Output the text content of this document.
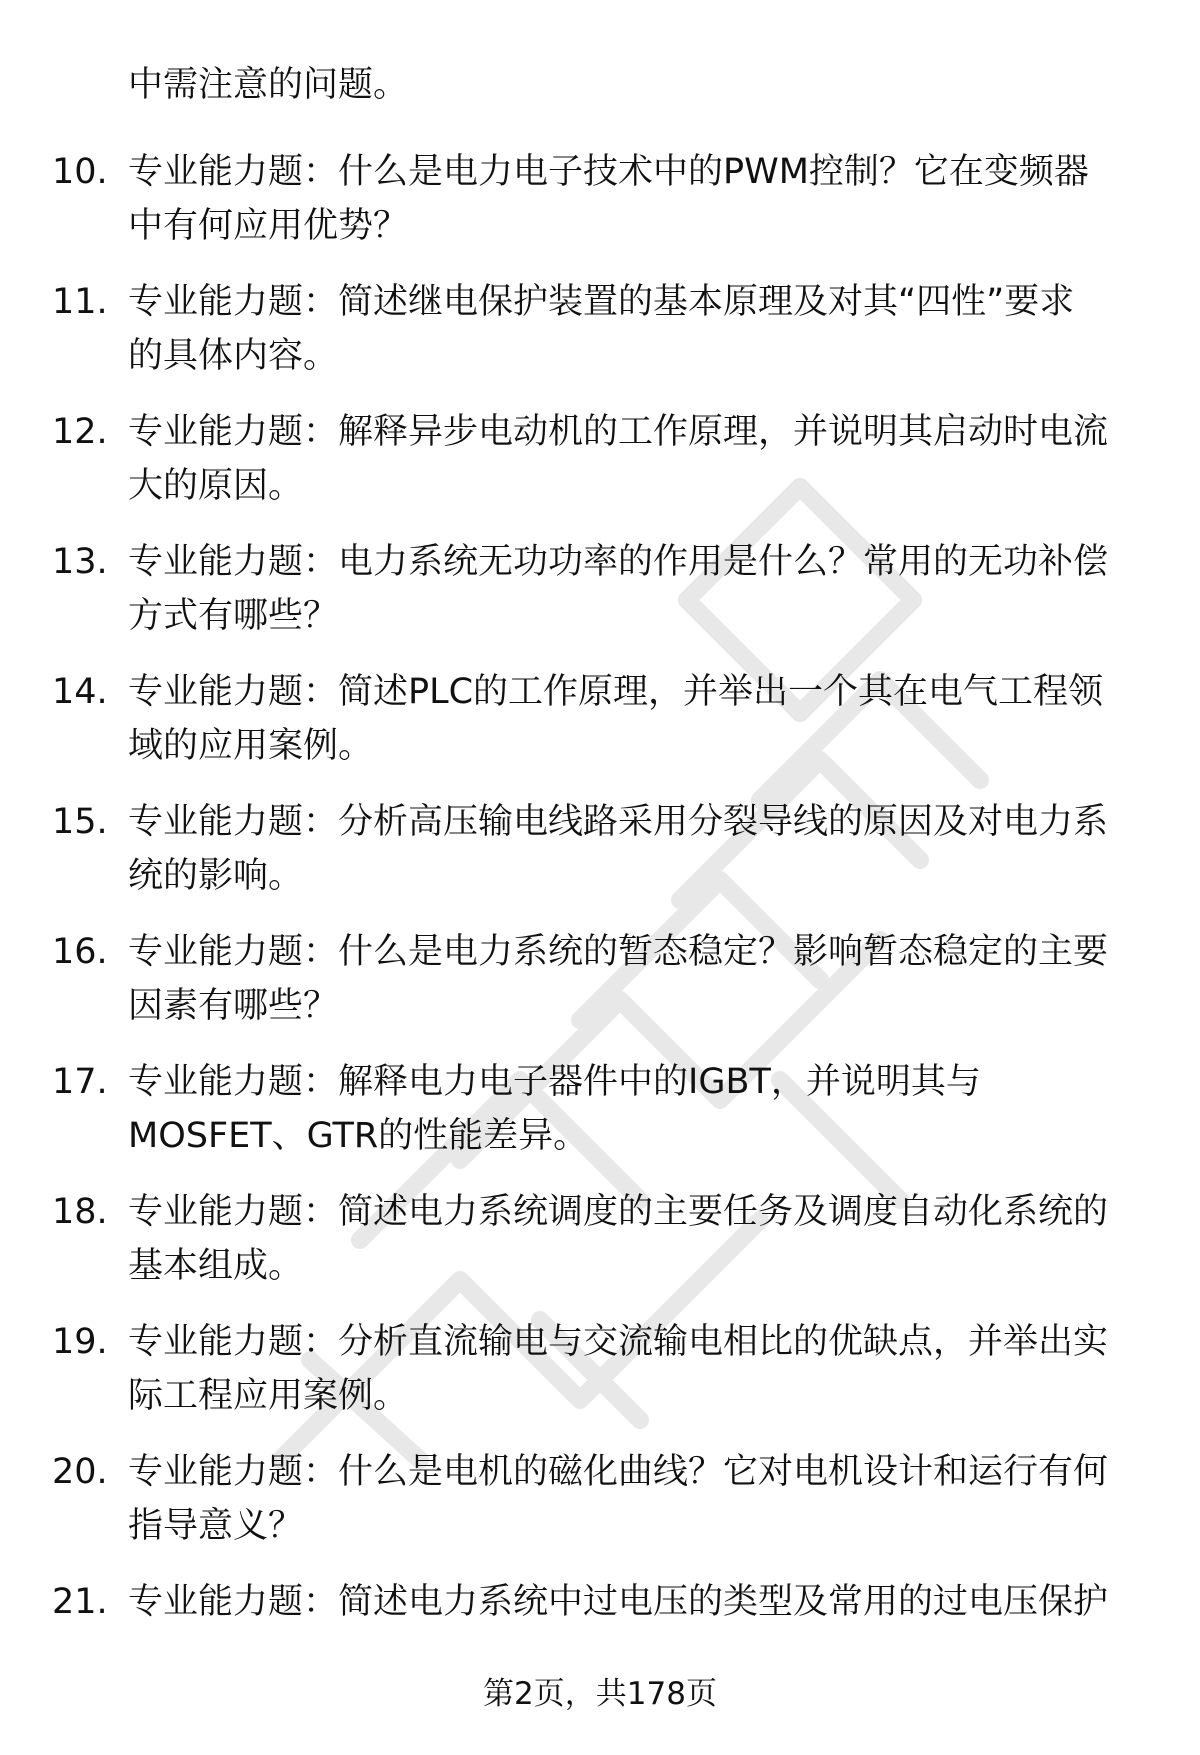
中需注意的问题。
10. 专业能力题：什么是电力电子技术中的PWM控制？它在变频器
中有何应用优势？
11. 专业能力题：简述继电保护装置的基本原理及对其“四性”要求
的具体内容。
12. 专业能力题：解释异步电动机的工作原理，并说明其启动时电流
大的原因。
13. 专业能力题：电力系统无功功率的作用是什么？常用的无功补偿
方式有哪些？
14. 专业能力题：简述PLC的工作原理，并举出一个其在电气工程领
域的应用案例。
15. 专业能力题：分析高压输电线路采用分裂导线的原因及对电力系
统的影响。
16. 专业能力题：什么是电力系统的暂态稳定？影响暂态稳定的主要
因素有哪些？
17. 专业能力题：解释电力电子器件中的IGBT，并说明其与
MOSFET、GTR的性能差异。
18. 专业能力题：简述电力系统调度的主要任务及调度自动化系统的
基本组成。
19. 专业能力题：分析直流输电与交流输电相比的优缺点，并举出实
际工程应用案例。
20. 专业能力题：什么是电机的磁化曲线？它对电机设计和运行有何
指导意义？
21. 专业能力题：简述电力系统中过电压的类型及常用的过电压保护
第2页，共178页
